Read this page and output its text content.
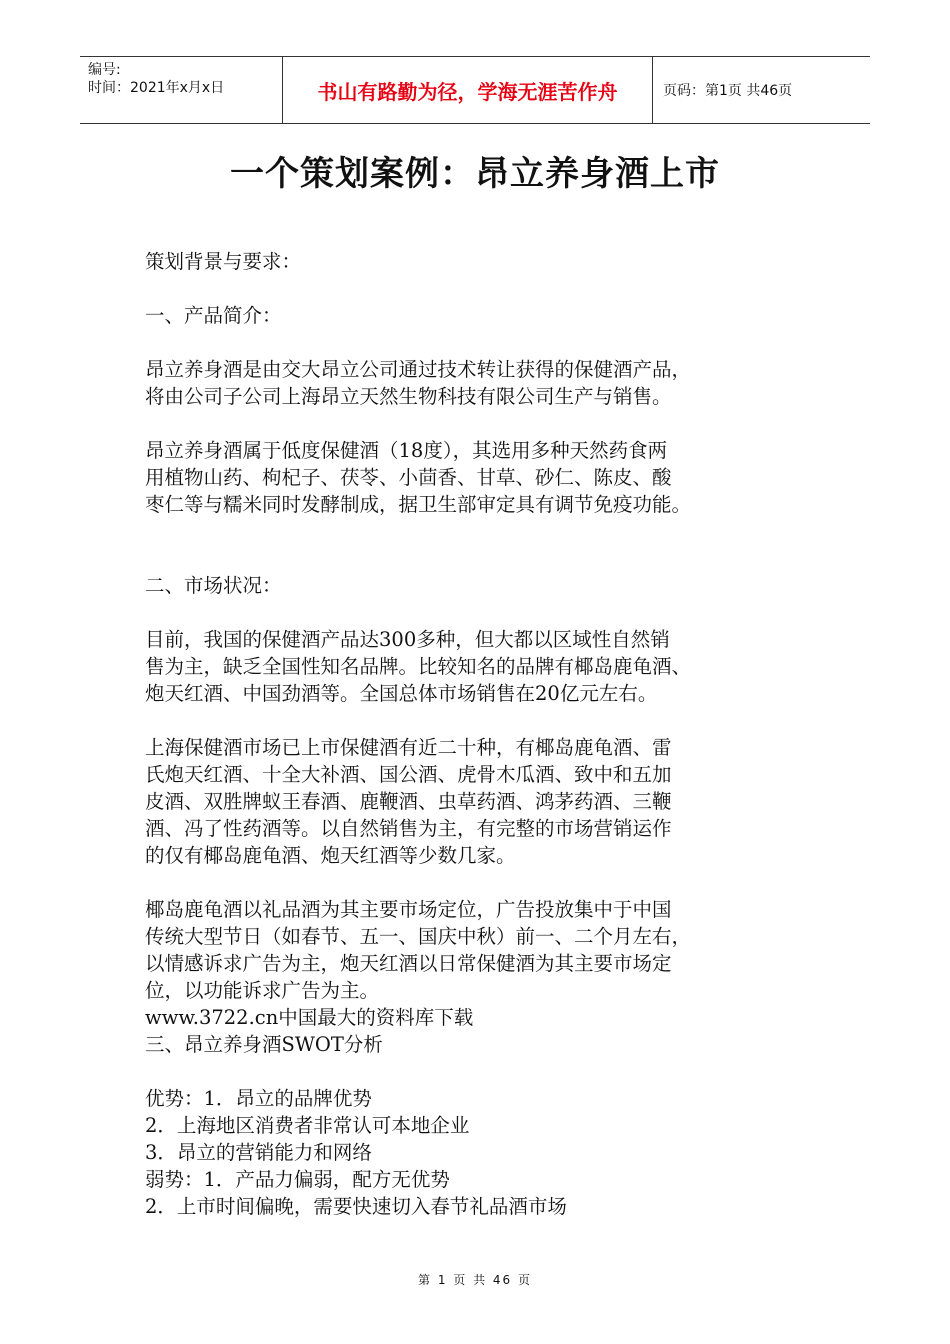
编号:
时间：2021年x月x日	书山有路勤为径，学海无涯苦作舟	页码：第1页 共46页
一个策划案例：昂立养身酒上市

策划背景与要求：

一、产品简介：

昂立养身酒是由交大昂立公司通过技术转让获得的保健酒产品，

将由公司子公司上海昂立天然生物科技有限公司生产与销售。

昂立养身酒属于低度保健酒（18度），其选用多种天然药食两

用植物山药、枸杞子、茯苓、小茴香、甘草、砂仁、陈皮、酸

枣仁等与糯米同时发酵制成，据卫生部审定具有调节免疫功能。

二、市场状况：

目前，我国的保健酒产品达300多种，但大都以区域性自然销

售为主，缺乏全国性知名品牌。比较知名的品牌有椰岛鹿龟酒、

炮天红酒、中国劲酒等。全国总体市场销售在20亿元左右。

上海保健酒市场已上市保健酒有近二十种，有椰岛鹿龟酒、雷

氏炮天红酒、十全大补酒、国公酒、虎骨木瓜酒、致中和五加

皮酒、双胜牌蚁王春酒、鹿鞭酒、虫草药酒、鸿茅药酒、三鞭

酒、冯了性药酒等。以自然销售为主，有完整的市场营销运作

的仅有椰岛鹿龟酒、炮天红酒等少数几家。

椰岛鹿龟酒以礼品酒为其主要市场定位，广告投放集中于中国

传统大型节日（如春节、五一、国庆中秋）前一、二个月左右，

以情感诉求广告为主，炮天红酒以日常保健酒为其主要市场定

位，以功能诉求广告为主。

www.3722.cn中国最大的资料库下载

三、昂立养身酒SWOT分析

优势：1．昂立的品牌优势

2．上海地区消费者非常认可本地企业

3．昂立的营销能力和网络

弱势：1．产品力偏弱，配方无优势

2．上市时间偏晚，需要快速切入春节礼品酒市场

第 1 页 共 46 页
